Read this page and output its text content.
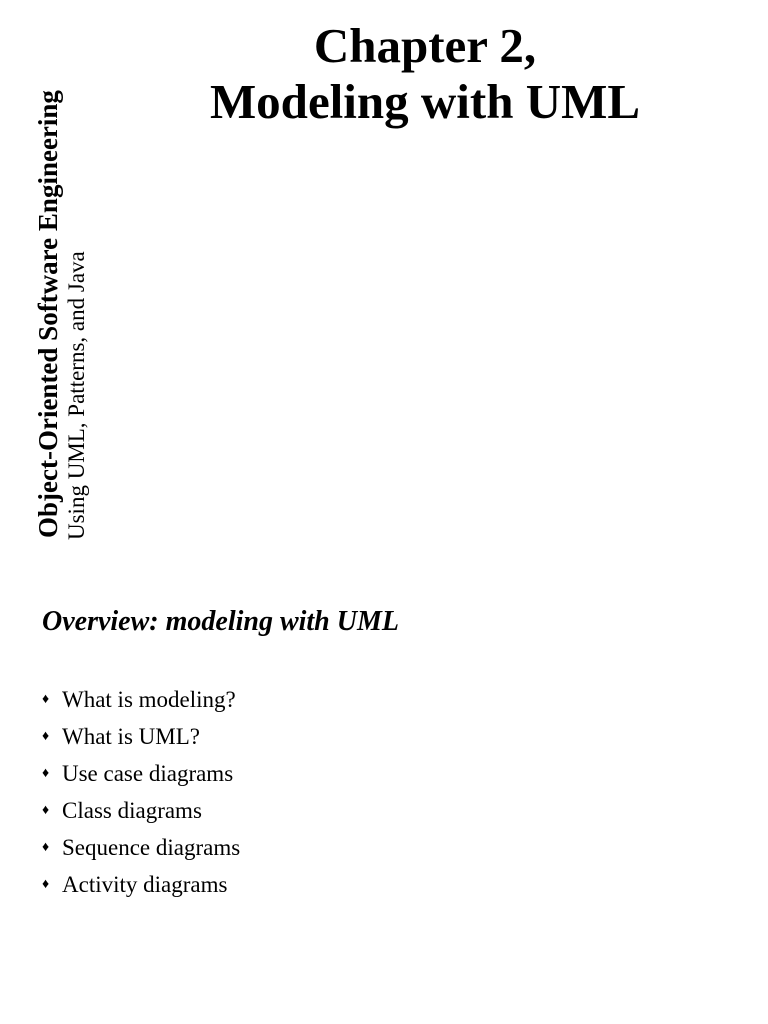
Object-Oriented Software Engineering Using UML, Patterns, and Java
Chapter 2,
Modeling with UML
Overview: modeling with UML
♦ What is modeling?
♦ What is UML?
♦ Use case diagrams
♦ Class diagrams
♦ Sequence diagrams
♦ Activity diagrams
